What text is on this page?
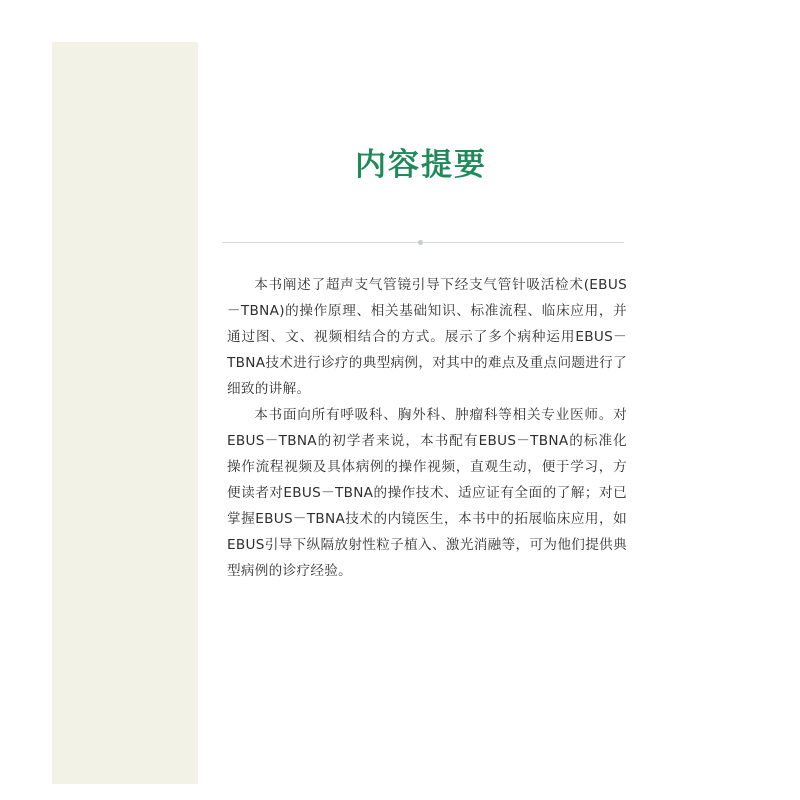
内容提要

本书阐述了超声支气管镜引导下经支气管针吸活检术(EBUS－TBNA)的操作原理、相关基础知识、标准流程、临床应用，并通过图、文、视频相结合的方式。展示了多个病种运用EBUS－TBNA技术进行诊疗的典型病例，对其中的难点及重点问题进行了细致的讲解。

本书面向所有呼吸科、胸外科、肿瘤科等相关专业医师。对EBUS－TBNA的初学者来说，本书配有EBUS－TBNA的标准化操作流程视频及具体病例的操作视频，直观生动，便于学习，方便读者对EBUS－TBNA的操作技术、适应证有全面的了解；对已掌握EBUS－TBNA技术的内镜医生，本书中的拓展临床应用，如EBUS引导下纵隔放射性粒子植入、激光消融等，可为他们提供典型病例的诊疗经验。
